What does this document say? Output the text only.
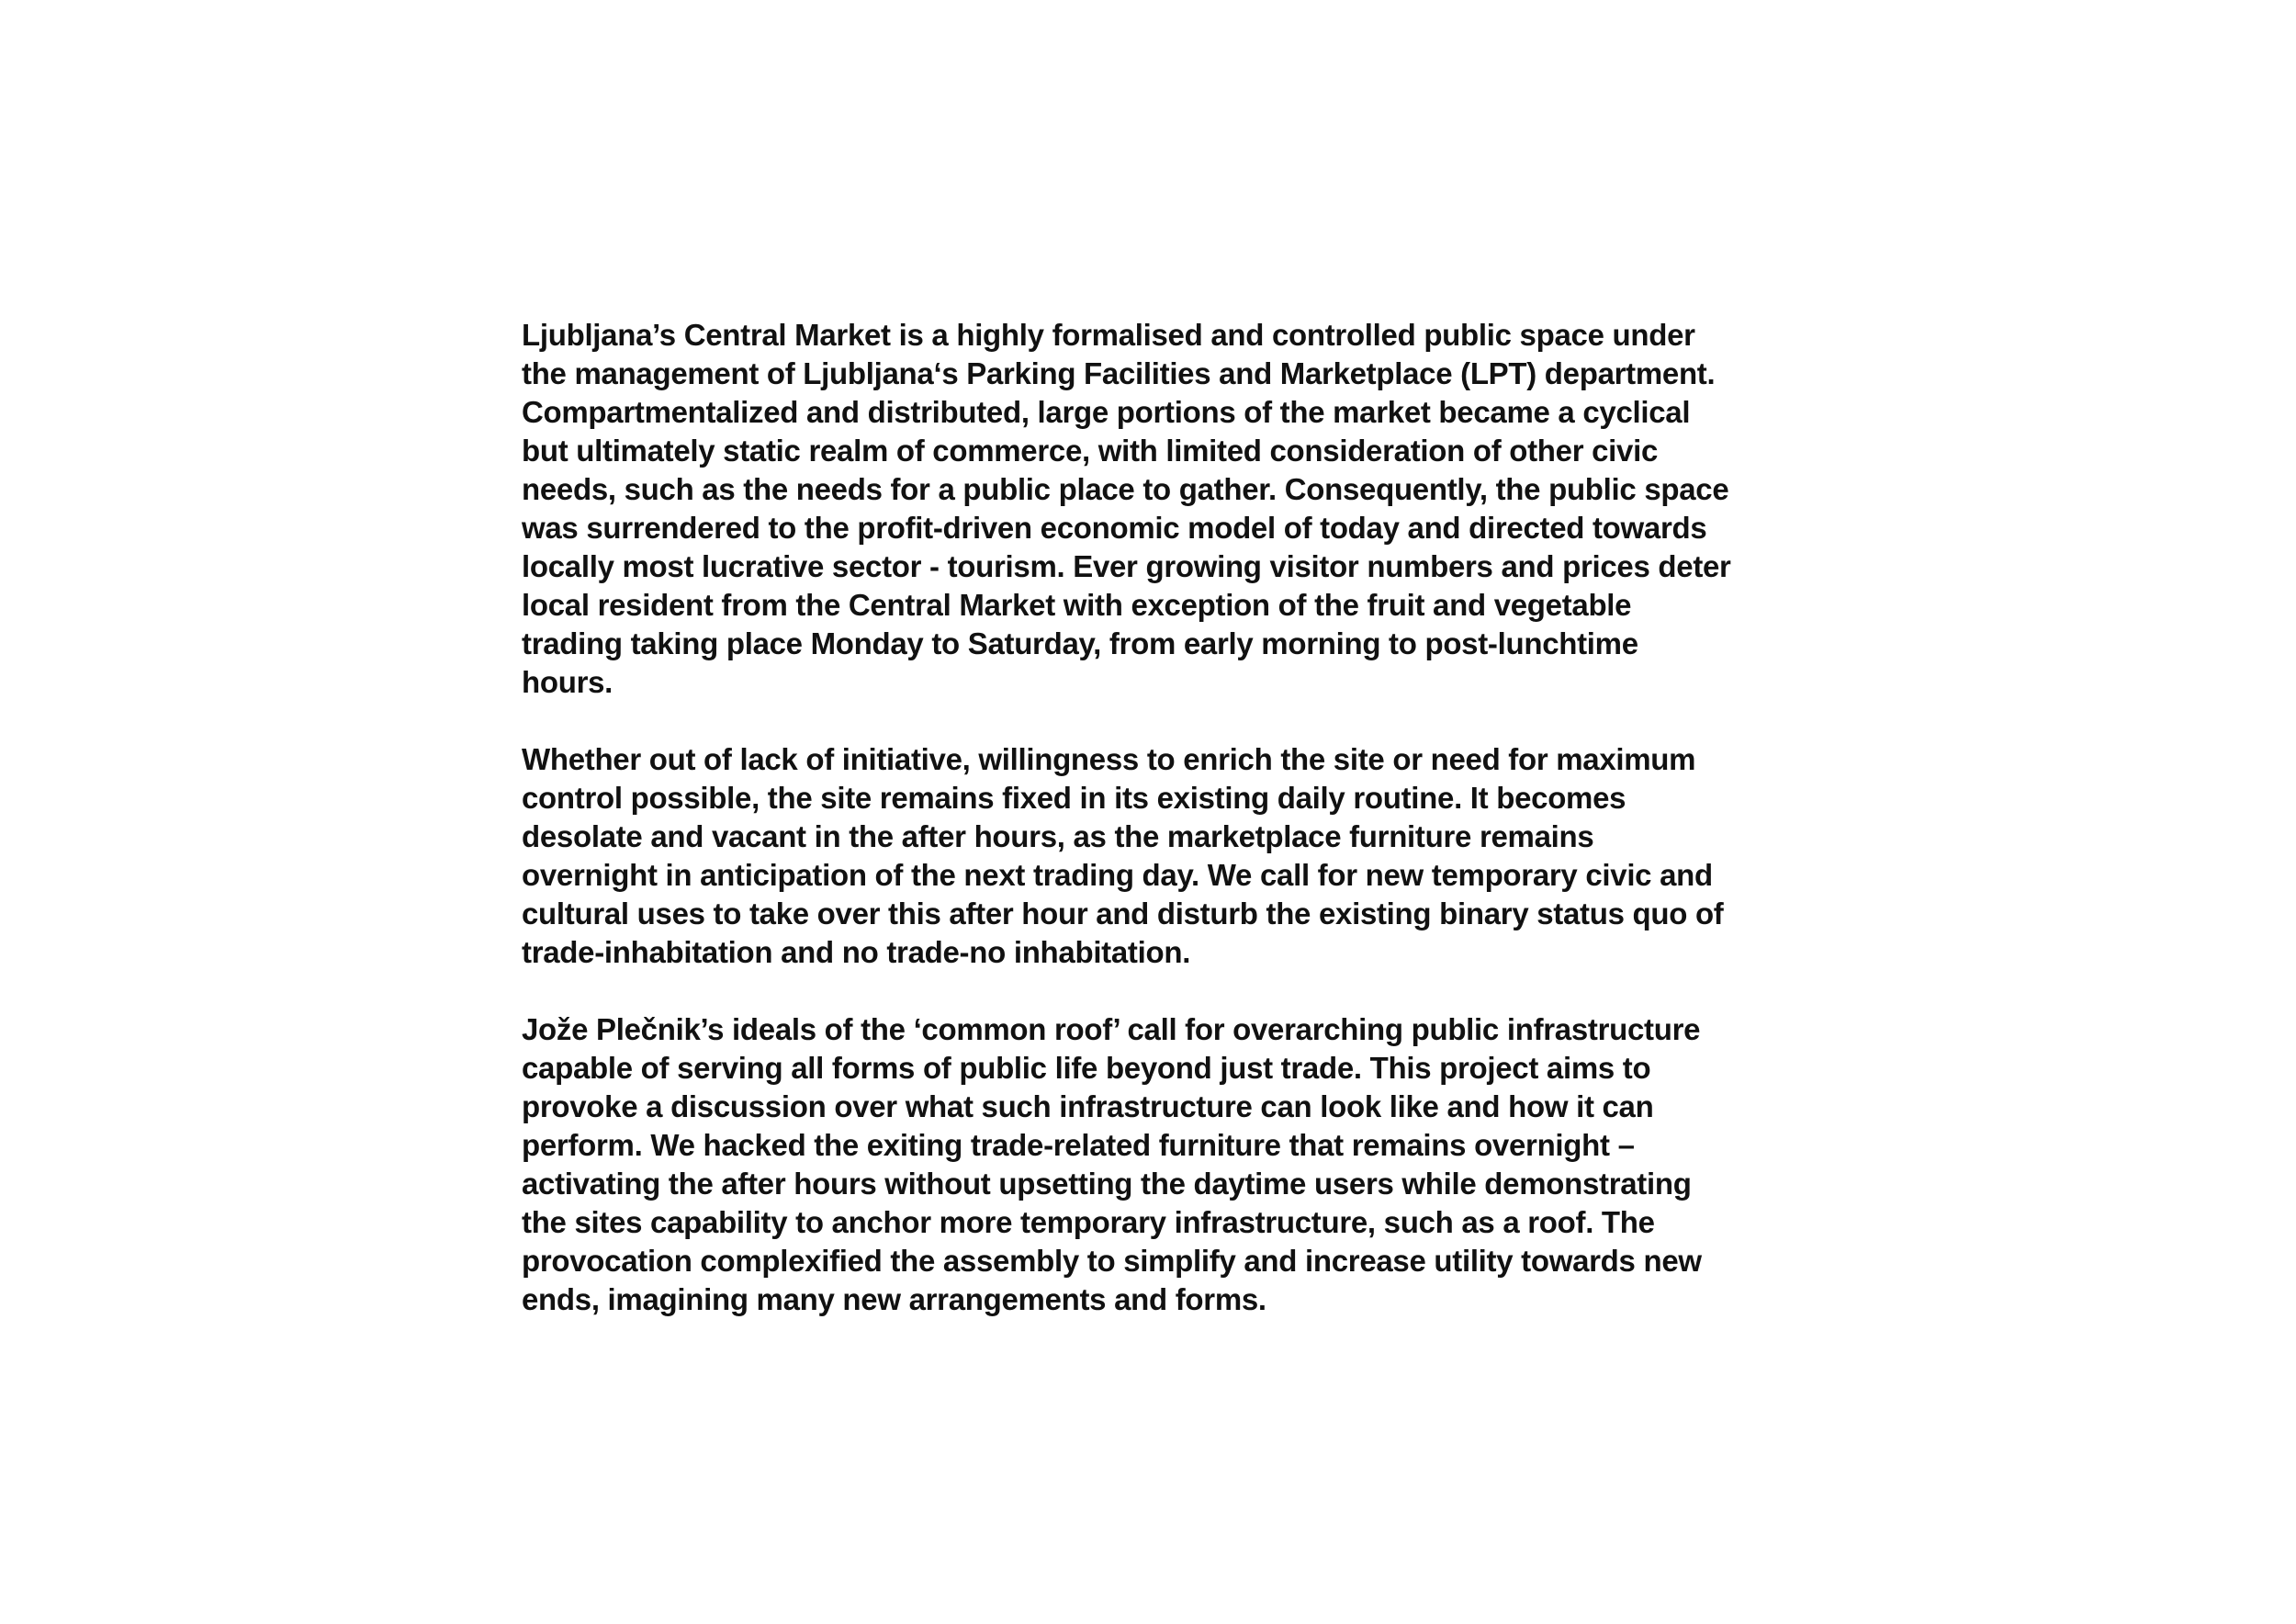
Ljubljana’s Central Market is a highly formalised and controlled public space under
the management of Ljubljana‘s Parking Facilities and Marketplace (LPT) department.
Compartmentalized and distributed, large portions of the market became a cyclical
but ultimately static realm of commerce, with limited consideration of other civic
needs, such as the needs for a public place to gather. Consequently, the public space
was surrendered to the profit-driven economic model of today and directed towards
locally most lucrative sector - tourism. Ever growing visitor numbers and prices deter
local resident from the Central Market with exception of the fruit and vegetable
trading taking place Monday to Saturday, from early morning to post-lunchtime
hours.
Whether out of lack of initiative, willingness to enrich the site or need for maximum
control possible, the site remains fixed in its existing daily routine. It becomes
desolate and vacant in the after hours, as the marketplace furniture remains
overnight in anticipation of the next trading day. We call for new temporary civic and
cultural uses to take over this after hour and disturb the existing binary status quo of
trade-inhabitation and no trade-no inhabitation.
Jože Plečnik’s ideals of the ‘common roof’ call for overarching public infrastructure
capable of serving all forms of public life beyond just trade. This project aims to
provoke a discussion over what such infrastructure can look like and how it can
perform. We hacked the exiting trade-related furniture that remains overnight –
activating the after hours without upsetting the daytime users while demonstrating
the sites capability to anchor more temporary infrastructure, such as a roof. The
provocation complexified the assembly to simplify and increase utility towards new
ends, imagining many new arrangements and forms.
